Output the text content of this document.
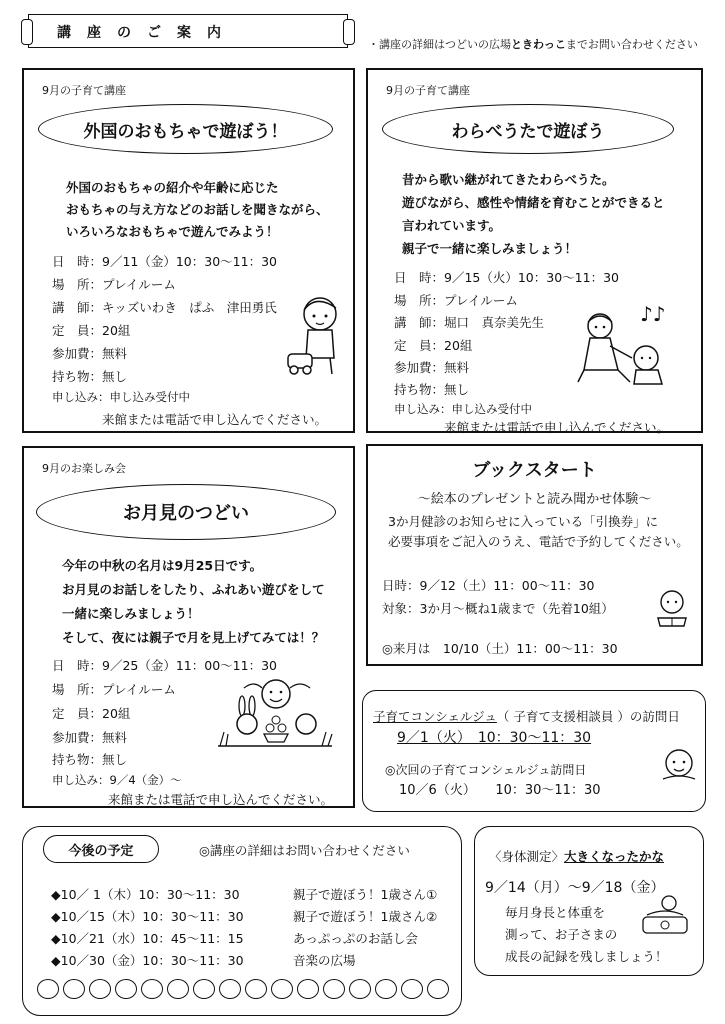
講　座　の　ご　案　内
・講座の詳細はつどいの広場ときわっこまでお問い合わせください
9月の子育て講座
外国のおもちゃで遊ぼう！
外国のおもちゃの紹介や年齢に応じた
おもちゃの与え方などのお話しを聞きながら、
いろいろなおもちゃで遊んでみよう！
日　時：9／11（金）10：30～11：30
場　所：プレイルーム
講　師：キッズいわき　ぱふ　津田勇氏
定　員：20組
参加費：無料
持ち物：無し
申し込み：申し込み受付中
来館または電話で申し込んでください。
9月の子育て講座
わらべうたで遊ぼう
昔から歌い継がれてきたわらべうた。
遊びながら、感性や情緒を育むことができると
言われています。
親子で一緒に楽しみましょう！
日　時：9／15（火）10：30～11：30
場　所：プレイルーム
講　師：堀口　真奈美先生
定　員：20組
参加費：無料
持ち物：無し
申し込み：申し込み受付中
来館または電話で申し込んでください。
♪♪
9月のお楽しみ会
お月見のつどい
今年の中秋の名月は9月25日です。
お月見のお話しをしたり、ふれあい遊びをして
一緒に楽しみましょう！
そして、夜には親子で月を見上げてみては！？
日　時：9／25（金）11：00～11：30
場　所：プレイルーム
定　員：20組
参加費：無料
持ち物：無し
申し込み：9／4（金）～
来館または電話で申し込んでください。
ブックスタート
～絵本のプレゼントと読み聞かせ体験～
3か月健診のお知らせに入っている「引換券」に
必要事項をご記入のうえ、電話で予約してください。
日時：9／12（土）11：00～11：30
対象：3か月～概ね1歳まで（先着10組）
◎来月は　10/10（土）11：00～11：30
子育てコンシェルジュ（ 子育て支援相談員 ）の訪問日
9／1（火）　10：30～11：30
◎次回の子育てコンシェルジュ訪問日
10／6（火）　　10：30～11：30
今後の予定	◎講座の詳細はお問い合わせください
◆10／ 1（木）10：30～11：30	親子で遊ぼう！1歳さん①
◆10／15（木）10：30～11：30	親子で遊ぼう！1歳さん②
◆10／21（水）10：45～11：15	あっぷっぷのお話し会
◆10／30（金）10：30～11：30	音楽の広場
〈身体測定〉大きくなったかな
9／14（月）～9／18（金）
毎月身長と体重を
測って、お子さまの
成長の記録を残しましょう！
